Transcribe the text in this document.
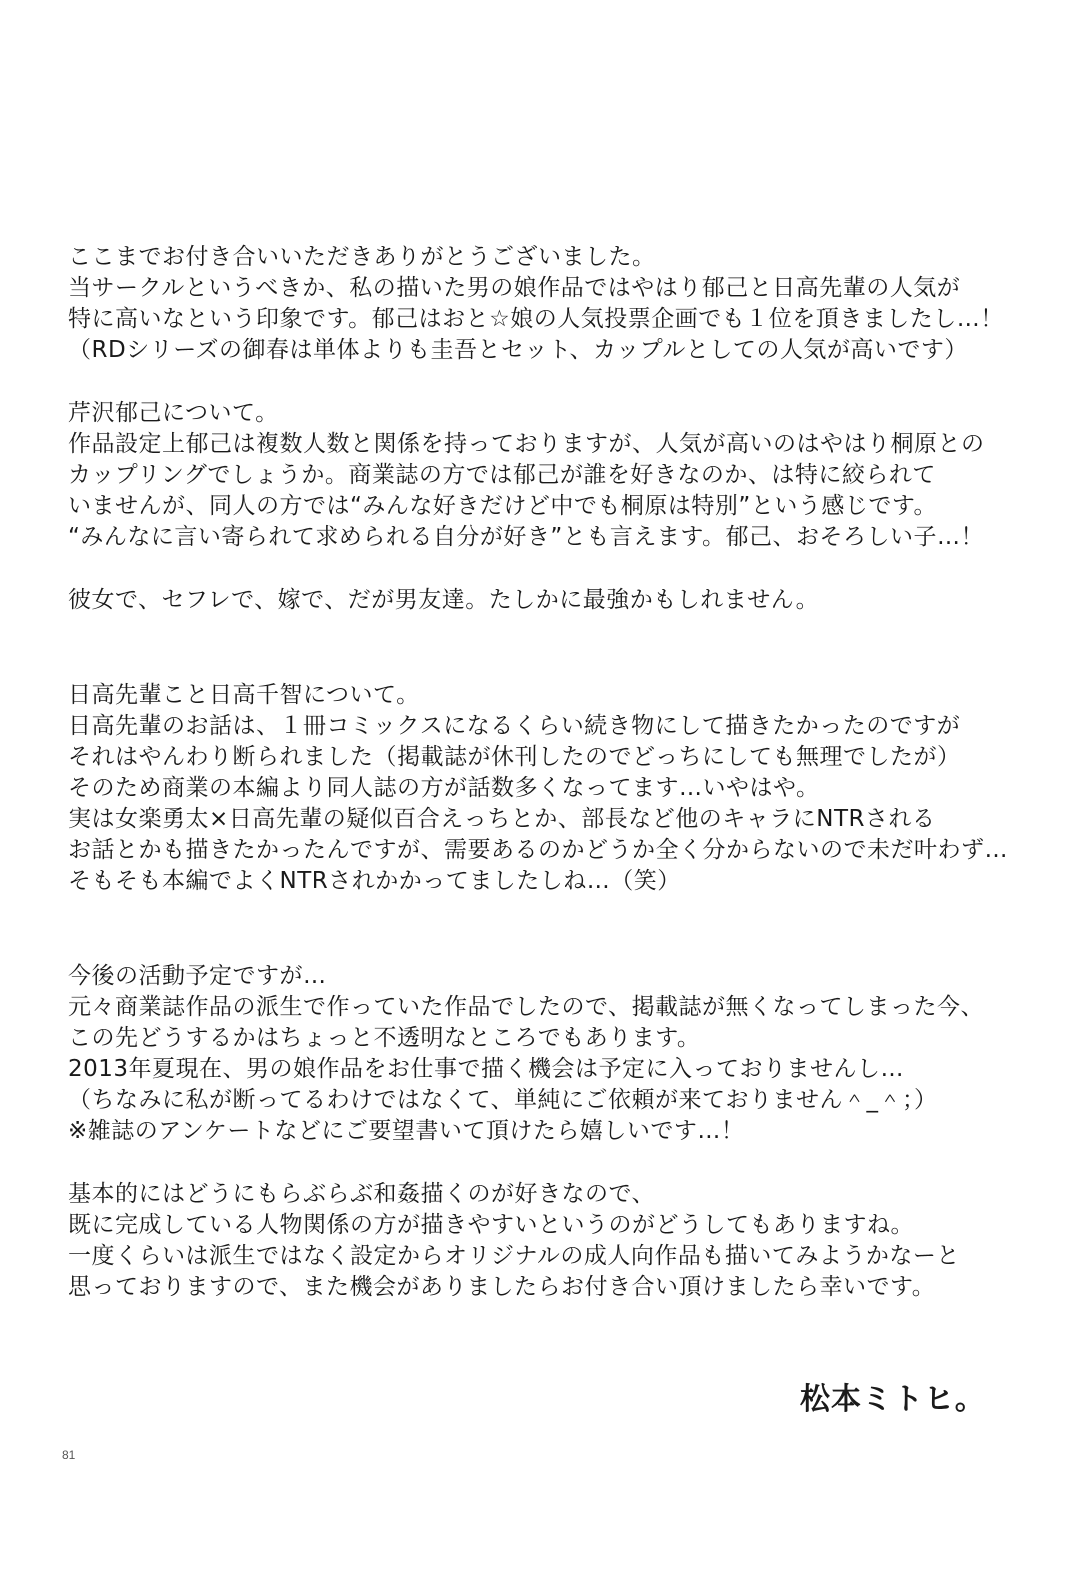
ここまでお付き合いいただきありがとうございました。
当サークルというべきか、私の描いた男の娘作品ではやはり郁己と日高先輩の人気が
特に高いなという印象です。郁己はおと☆娘の人気投票企画でも１位を頂きましたし…！
（RDシリーズの御春は単体よりも圭吾とセット、カップルとしての人気が高いです）
芹沢郁己について。
作品設定上郁己は複数人数と関係を持っておりますが、人気が高いのはやはり桐原との
カップリングでしょうか。商業誌の方では郁己が誰を好きなのか、は特に絞られて
いませんが、同人の方では“みんな好きだけど中でも桐原は特別”という感じです。
“みんなに言い寄られて求められる自分が好き”とも言えます。郁己、おそろしい子…！
彼女で、セフレで、嫁で、だが男友達。たしかに最強かもしれません。
日高先輩こと日高千智について。
日高先輩のお話は、１冊コミックスになるくらい続き物にして描きたかったのですが
それはやんわり断られました（掲載誌が休刊したのでどっちにしても無理でしたが）
そのため商業の本編より同人誌の方が話数多くなってます…いやはや。
実は女楽勇太×日高先輩の疑似百合えっちとか、部長など他のキャラにNTRされる
お話とかも描きたかったんですが、需要あるのかどうか全く分からないので未だ叶わず…
そもそも本編でよくNTRされかかってましたしね…（笑）
今後の活動予定ですが…
元々商業誌作品の派生で作っていた作品でしたので、掲載誌が無くなってしまった今、
この先どうするかはちょっと不透明なところでもあります。
2013年夏現在、男の娘作品をお仕事で描く機会は予定に入っておりませんし…
（ちなみに私が断ってるわけではなくて、単純にご依頼が来ておりません＾_＾；）
※雑誌のアンケートなどにご要望書いて頂けたら嬉しいです…！
基本的にはどうにもらぶらぶ和姦描くのが好きなので、
既に完成している人物関係の方が描きやすいというのがどうしてもありますね。
一度くらいは派生ではなく設定からオリジナルの成人向作品も描いてみようかなーと
思っておりますので、また機会がありましたらお付き合い頂けましたら幸いです。
松本ミトヒ。
81
